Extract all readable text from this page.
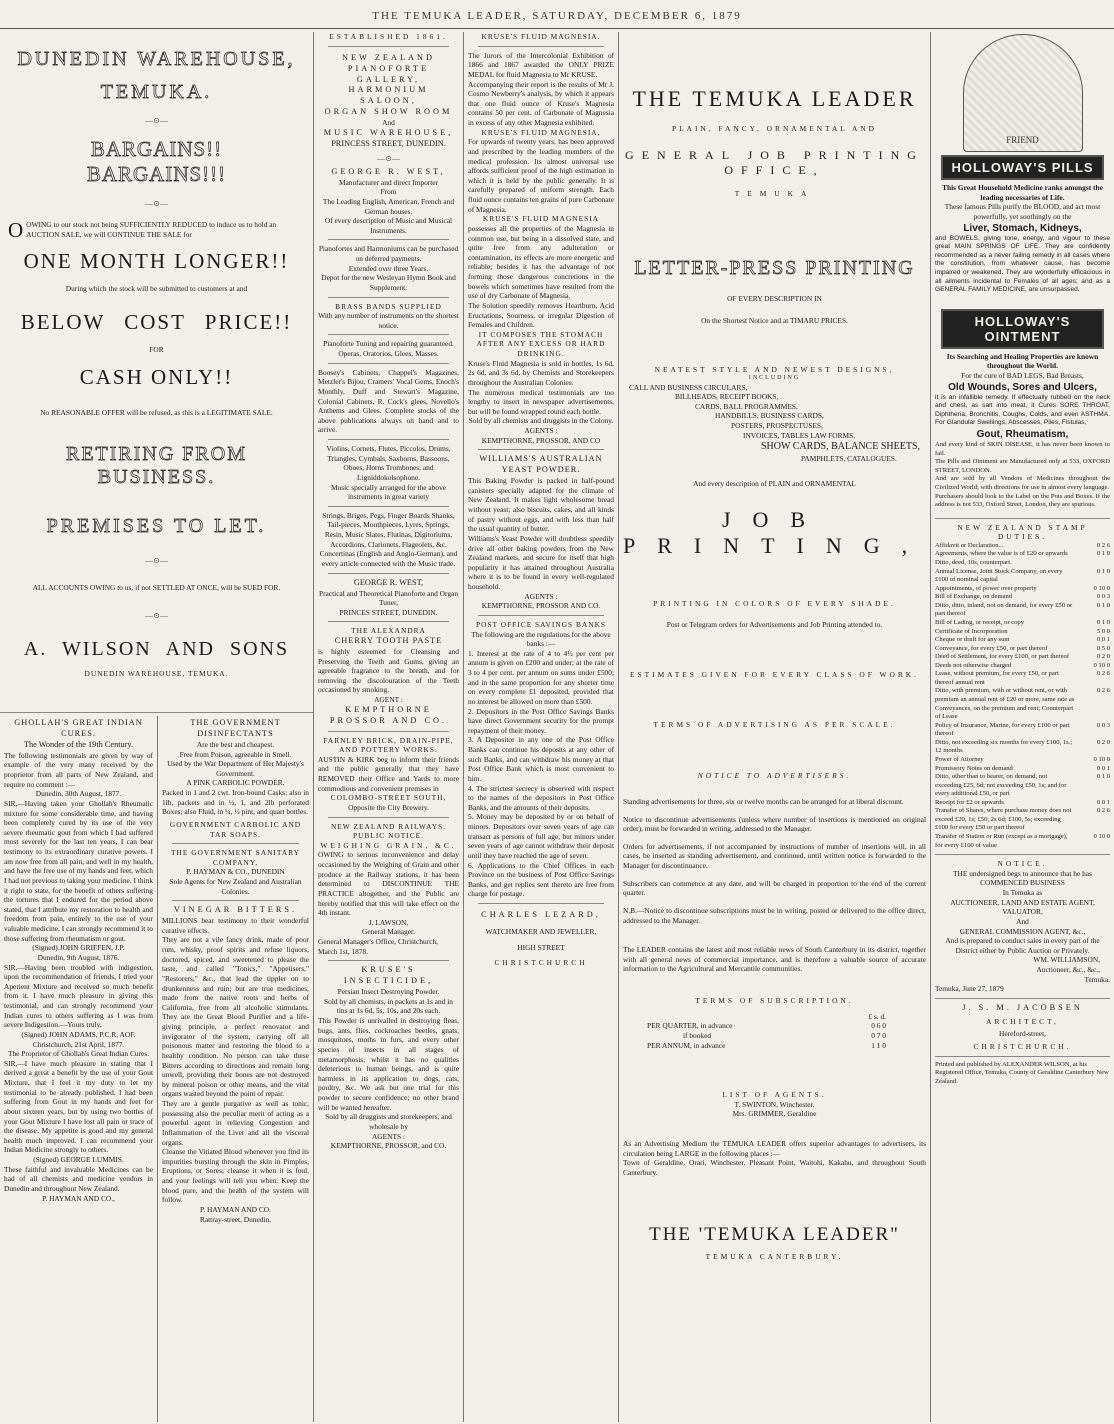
THE TEMUKA LEADER, SATURDAY, DECEMBER 6, 1879
DUNEDIN WAREHOUSE,
TEMUKA.
—⊙—
BARGAINS!! BARGAINS!!!
—⊙—
OOWING to our stock not being SUFFICIENTLY REDUCED to induce us to hold an AUCTION SALE, we will CONTINUE THE SALE for
ONE MONTH LONGER!!
During which the stock will be submitted to customers at and
BELOW COST PRICE!!
FOR
CASH ONLY!!
No REASONABLE OFFER will be refused, as this is a LEGITIMATE SALE.
RETIRING FROM BUSINESS.
PREMISES TO LET.
—⊙—
ALL ACCOUNTS OWING to us, if not SETTLED AT ONCE, will be SUED FOR.
—⊙—
A. WILSON AND SONS
DUNEDIN WAREHOUSE, TEMUKA.
GHOLLAH'S GREAT INDIAN CURES.
The Wonder of the 19th Century.
The following testimonials are given by way of example of the very many received by the proprietor from all parts of New Zealand, and require no comment :—
Dunedin, 30th August, 1877.
SIR,—Having taken your Ghollah's Rheumatic mixture for some considerable time, and having been completely cured by its use of the very severe rheumatic gout from which I had suffered most severely for the last ten years, I can bear testimony to its extraordinary curative powers. I am now free from all pain, and well in my health, and have the free use of my hands and feet, which I had not previous to taking your medicine. I think it right to state, for the benefit of others suffering the tortures that I endured for the period above stated, that I attribute my restoration to health and freedom from pain, entirely to the use of your valuable medicine. I can strongly recommend it to those suffering from rheumatism or gout.
(Signed) JOHN GRIFFEN, J.P.
Dunedin, 9th August, 1876.
SIR,—Having been troubled with indigestion, upon the recommendation of friends, I tried your Aperient Mixture and received so much benefit from it. I have much pleasure in giving this testimonial, and can strongly recommend your Indian cures to others suffering as I was from severe Indigestion.—Yours truly,
(Signed) JOHN ADAMS, P.C.R, AOF.
Christchurch, 21st April, 1877.
The Proprietor of Ghollah's Great Indian Cures.
SIR,—I have much pleasure in stating that I derived a great a benefit by the use of your Gout Mixture, that I feel it my duty to let my testimonial to be already published. I had been suffering from Gout in my hands and feet for about sixteen years, but by using two bottles of your Gout Mixture I have lost all pain or trace of the disease. My appetite is good and my general health much improved. I can recommend your Indian Medicine strongly to others.
(Signed) GEORGE LUMMIS.
These faithful and invaluable Medicines can be had of all chemists and medicine vendors in Dunedin and throughout New Zealand.
P. HAYMAN AND CO.,
THE GOVERNMENT DISINFECTANTS
Are the best and cheapest.
Free from Poison, agreeable in Smell.
Used by the War Department of Her Majesty's Government.
A PINK CARBOLIC POWDER,
Packed in 1 and 2 cwt. Iron-bound Casks; also in 1lb, packets and in ½, 1, and 2lb perforated Boxes; also Fluid, in ¼, ½ pint, and quart bottles.
GOVERNMENT CARBOLIC AND TAR SOAPS.
THE GOVERNMENT SANITARY COMPANY,
P. HAYMAN & CO., DUNEDIN
Sole Agents for New Zealand and Australian Colonies.
VINEGAR BITTERS.
MILLIONS bear testimony to their wonderful curative effects.
They are not a vile fancy drink, made of poor rum, whisky, proof spirits and refuse liquors, doctored, spiced, and sweetened to please the taste, and called "Tonics," "Appetisers," "Restorers," &c., that lead the tippler on to drunkenness and ruin; but are true medicines, made from the native roots and herbs of California, free from all alcoholic stimulants. They are the Great Blood Purifier and a life-giving principle, a perfect renovator and invigorator of the system, carrying off all poisonous matter and restoring the blood to a healthy condition. No person can take these Bitters according to directions and remain long unwell, providing their bones are not destroyed by mineral poison or other means, and the vital organs wasted beyond the point of repair.
They are a gentle purgative as well as tonic, possessing also the peculiar merit of acting as a powerful agent in relieving Congestion and Inflammation of the Liver and all the visceral organs.
Cleanse the Vitiated Blood whenever you find its impurities bursting through the skin in Pimples, Eruptions, or Sores; cleanse it when it is foul, and your feelings will tell you when. Keep the blood pure, and the health of the system will follow.
P. HAYMAN AND CO.
Rattray-street, Dunedin.
ESTABLISHED 1861.
NEW ZEALAND
PIANOFORTE GALLERY,
HARMONIUM SALOON,
ORGAN SHOW ROOM
And
MUSIC WAREHOUSE,
PRINCESS STREET, DUNEDIN.
—⊙—
GEORGE R. WEST,
Manufacturer and direct Importer
From
The Leading English, American, French and German houses.
Of every description of Music and Musical Instruments.
Pianofortes and Harmoniums can be purchased on deferred payments.
Extended over three Years.
Depot for the new Wesleyan Hymn Book and Supplement.
BRASS BANDS SUPPLIED
With any number of instruments on the shortest notice.
Pianoforte Tuning and repairing guaranteed. Operas, Oratorios, Glees, Masses.
Boosey's Cabinets, Chappel's Magazines, Metzler's Bijou, Cramers' Vocal Gems, Enoch's Monthly, Duff and Stewart's Magazine, Colonial Cabinets, R. Cock's glees, Novello's Anthems and Glees. Complete stocks of the above publications always on hand and to arrive.
Violins, Cornets, Flutes, Piccolos, Drums, Triangles, Cymbals, Saxhorns, Bassoons, Oboes, Horns Trombones, and Ligniddokolsophone.
Music specially arranged for the above instruments in great variety
Strings, Briges, Pegs, Finger Boards Shanks, Tail-pieces, Mouthpieces, Lyres, Springs, Resin, Music Slates, Flutinas, Digitoriums, Accordions, Clarionets, Flageolets, &c.
Concertinas (English and Anglo-German), and every article connected with the Music trade.
GEORGE R. WEST,
Practical and Theoretical Pianoforte and Organ Tuner,
PRINCES STREET, DUNEDIN.
THE ALEXANDRA
CHERRY TOOTH PASTE
is highly esteemed for Cleansing and Preserving the Teeth and Gums, giving an agreeable fragrance to the breath, and for removing the discolouration of the Teeth occasioned by smoking.
AGENT :
KEMPTHORNE PROSSOR AND CO.
FARNLEY BRICK, DRAIN-PIPE, AND POTTERY WORKS.
AUSTIN & KIRK beg to inform their friends and the public generally that they have REMOVED their Office and Yards to more commodious and convenient premises in
COLOMBO-STREET SOUTH,
Opposite the City Brewery.
NEW ZEALAND RAILWAYS.
PUBLIC NOTICE.
WEIGHING GRAIN, &C.
OWING to serious inconvenience and delay occasioned by the Weighing of Grain and other produce at the Railway stations, it has been determined to DISCONTINUE THE PRACTICE altogether, and the Public are hereby notified that this will take effect on the 4th instant.
J. LAWSON,
General Manager.
General Manager's Office, Christchurch, March 1st, 1878.
KRUSE'S INSECTICIDE,
Persian Insect Destroying Powder.
Sold by all chemists, in packets at 1s and in tins at 1s 6d, 5s, 10s, and 20s each.
This Powder is unrivalled in destroying fleas, bugs, ants, flies, cockroaches beetles, gnats, mosquitoes, moths in furs, and every other species of insects in all stages of metamorphosis; whilst it has no qualities deleterious to human beings, and is quite harmless in its application to dogs, cats, poultry, &c. We ask but one trial for this powder to secure confidence; no other brand will be wanted hereafter.
Sold by all druggists and storekeepers, and wholesale by
AGENTS :
KEMPTHORNE, PROSSOR, and CO.
KRUSE'S FLUID MAGNESIA.
The Jurors of the Intercolonial Exhibition of 1866 and 1867 awarded the ONLY PRIZE MEDAL for fluid Magnesia to Mr KRUSE.
Accompanying their report is the results of Mr J. Cosmo Newberry's analysis, by which it appears that one fluid ounce of Kruse's Magnesia contains 50 per cent. of Carbonate of Magnesia in excess of any other Magnesia exhibited.
KRUSE'S FLUID MAGNESIA,
For upwards of twenty years, has been approved and prescribed by the leading members of the medical profession. Its almost universal use affords sufficient proof of the high estimation in which it is held by the public generally. It is carefully prepared of uniform strength. Each fluid ounce contains ten grains of pure Carbonate of Magnesia.
KRUSE'S FLUID MAGNESIA
possesses all the properties of the Magnesia in common use, but being in a dissolved state, and quite free from any adulteration or contamination, its effects are more energetic and reliable; besides it has the advantage of not forming those dangerous concretions in the bowels which sometimes have resulted from the use of dry Carbonate of Magnesia.
The Solution speedily removes Heartburn, Acid Eructations, Sourness, or irregular Digestion of Females and Children.
IT COMPOSES THE STOMACH AFTER ANY EXCESS OR HARD DRINKING.
Kruse's Fluid Magnesia is sold in bottles, 1s 6d, 2s 6d, and 3s 6d, by Chemists and Storekeepers throughout the Australian Colonies.
The numerous medical testimonials are too lengthy to insert in newspaper advertisements, but will be found wrapped round each bottle.
Sold by all chemists and druggists in the Colony.
AGENTS :
KEMPTHORNE, PROSSOR, AND CO
WILLIAMS'S AUSTRALIAN YEAST POWDER.
This Baking Powder is packed in half-pound canisters specially adapted for the climate of New Zealand. It makes light wholesome bread without yeast; also biscuits, cakes, and all kinds of pastry without eggs, and with less than half the usual quantity of butter.
Williams's Yeast Powder will doubtless speedily drive all other baking powders from the New Zealand markets, and secure for itself that high popularity it has attained throughout Australia where it is to be found in every well-regulated household.
AGENTS :
KEMPTHORNE, PROSSOR AND CO.
POST OFFICE SAVINGS BANKS
The following are the regulations for the above banks :—
1. Interest at the rate of 4 to 4½ per cent per annum is given on £200 and under; at the rate of 3 to 4 per cent. per annum on sums under £500; and in the same proportion for any shorter time on every complete £1 deposited, provided that no interest be allowed on more than £500.
2. Depositors in the Post Office Savings Banks have direct Government security for the prompt repayment of their money.
3. A Depositor in any one of the Post Office Banks can continue his deposits at any other of such Banks, and can withdraw his money at that Post Office Bank which is most convenient to him.
4. The strictest secrecy is observed with respect to the names of the depositors in Post Office Banks, and the amounts of their deposits.
5. Money may be deposited by or on behalf of minors. Depositors over seven years of age can transact as persons of full age, but minors under seven years of age cannot withdraw their deposit until they have reached the age of seven.
6. Applications to the Chief Offices in each Province on the business of Post Office Savings Banks, and get replies sent thereto are free from charge for postage.
CHARLES LEZARD,
WATCHMAKER AND JEWELLER,
HIGH STREET
CHRISTCHURCH
THE TEMUKA LEADER
PLAIN, FANCY, ORNAMENTAL AND
GENERAL JOB PRINTING OFFICE,
TEMUKA
LETTER-PRESS PRINTING
OF EVERY DESCRIPTION IN
On the Shortest Notice and at TIMARU PRICES.
NEATEST STYLE AND NEWEST DESIGNS,
INCLUDING
CALL AND BUSINESS CIRCULARS,
BILLHEADS, RECEIPT BOOKS,
CARDS, BALL PROGRAMMES,
HANDBILLS, BUSINESS CARDS,
POSTERS, PROSPECTUSES,
INVOICES, TABLES LAW FORMS,
SHOW CARDS, BALANCE SHEETS,
PAMPHLETS, CATALOGUES.
And every description of PLAIN and ORNAMENTAL
JOB PRINTING,
PRINTING IN COLORS OF EVERY SHADE.
Post or Telegram orders for Advertisements and Job Printing attended to.
ESTIMATES GIVEN FOR EVERY CLASS OF WORK.
TERMS OF ADVERTISING AS PER SCALE.
NOTICE TO ADVERTISERS.
Standing advertisements for three, six or twelve months can be arranged for at liberal discount.
Notice to discontinue advertisements (unless where number of insertions is mentioned on original order), must be forwarded in writing, addressed to the Manager.
Orders for advertisements, if not accompanied by instructions of number of insertions will, in all cases, be inserted as standing advertisement, and continued, until written notice is forwarded to the Manager for discontinuance.
Subscribers can commence at any date, and will be charged in proportion to the end of the current quarter.
N.B.—Notice to discontinue subscriptions must be in writing, posted or delivered to the office direct, addressed to the Manager.
The LEADER contains the latest and most reliable news of South Canterbury in its district, together with all general news of commercial importance, and is therefore a valuable source of accurate information to the Agricultural and Mercantile communities.
TERMS OF SUBSCRIPTION.
£ s. d.
PER QUARTER, in advance	0 6 0
if booked	0 7 0
PER ANNUM, in advance	1 1 0
LIST OF AGENTS.
T. SWINTON, Winchester.
Mrs. GRIMMER, Geraldine
As an Advertising Medium the TEMUKA LEADER offers superior advantages to advertisers, its circulation being LARGE in the following places :—
Town of Geraldine, Orari, Winchester, Pleasant Point, Waitohi, Kakahu, and throughout South Canterbury.
THE 'TEMUKA LEADER"
TEMUKA CANTERBURY.
FRIEND
HOLLOWAY'S PILLS
This Great Household Medicine ranks amongst the leading necessaries of Life.
These famous Pills purify the BLOOD, and act most powerfully, yet soothingly on the
Liver, Stomach, Kidneys,
and BOWELS, giving tone, energy, and vigour to these great MAIN SPRINGS OF LIFE. They are confidently recommended as a never failing remedy in all cases where the constitution, from whatever cause, has become impaired or weakened. They are wonderfully efficacious in all ailments incidental to Females of all ages; and as a GENERAL FAMILY MEDICINE, are unsurpassed.
HOLLOWAY'S OINTMENT
Its Searching and Healing Properties are known throughout the World.
For the cure of BAD LEGS, Bad Breasts,
Old Wounds, Sores and Ulcers,
it is an infallible remedy. If effectually rubbed on the neck and chest, as salt into meat, it Cures SORE THROAT, Diphtheria, Bronchitis, Coughs, Colds, and even ASTHMA. For Glandular Swellings, Abscesses, Piles, Fistulas,
Gout, Rheumatism,
And every kind of SKIN DISEASE, it has never been known to fail.
The Pills and Ointment are Manufactured only at 533, OXFORD STREET, LONDON.
And are sold by all Vendors of Medicines throughout the Civilized World; with directions for use in almost every language.
Purchasers should look to the Label on the Pots and Boxes. If the address is not 533, Oxford Street, London, they are spurious.
NEW ZEALAND STAMP DUTIES.
Affidavit or Declaration...	0 2 6
Agreements, where the value is of £20 or upwards	0 1 0
Ditto, deed, 10s, counterpart.
Annual License, Joint Stock Company, on every £100 of nominal capital
0 1 0
Appointments, of power over property	0 10 0
Bill of Exchange, on demand	0 0 3
Ditto, ditto, inland, not on demand, for every £50 or part thereof
0 1 0
Bill of Lading, or receipt, or copy	0 1 0
Certificate of Incorporation	5 0 0
Cheque or draft for any sum	0 0 1
Conveyance, for every £50, or part thereof	0 5 0
Deed of Settlement, for every £100, or part thereof	0 2 0
Deeds not otherwise charged	0 10 0
Lease, without premium, for every £50, or part thereof annual rent
0 2 6
Ditto, with premium, with or without rent, or with premium an annual rent of £20 or more, same rate as Conveyances, on the premium and rent; Counterpart of Lease
0 2 6
Policy of Insurance, Marine, for every £100 or part thereof
0 0 3
Ditto, not exceeding six months for every £100, 1s.; 12 months
0 2 0
Power of Attorney	0 10 0
Promissory Notes on demand	0 0 1
Ditto, other than to bearer, on demand, not exceeding £25, 6d; not exceeding £50, 1s; and for every additional £50, or part
0 1 0
Receipt for £2 or upwards	0 0 1
Transfer of Shares, where purchase money does not exceed £20, 1s; £50, 2s 6d; £100, 5s; exceeding £100 for every £50 or part thereof
0 2 6
Transfer of Station or Run (except as a mortgage), for every £100 of value
0 10 0
NOTICE.
THE undersigned begs to announce that he has
COMMENCED BUSINESS
In Temuka as
AUCTIONEER, LAND AND ESTATE AGENT, VALUATOR,
And
GENERAL COMMISSION AGENT, &c.,
And is prepared to conduct sales in every part of the District either by Public Auction or Privately.
WM. WILLIAMSON,
Auctioneer, &c., &c.,
Temuka.
Temuka, June 27, 1879
J. S. M. JACOBSEN
ARCHITECT,
Hereford-street,
CHRISTCHURCH.
Printed and published by ALEXANDER WILSON, at his Registered Office, Temuka, County of Geraldine Canterbury New Zealand.
